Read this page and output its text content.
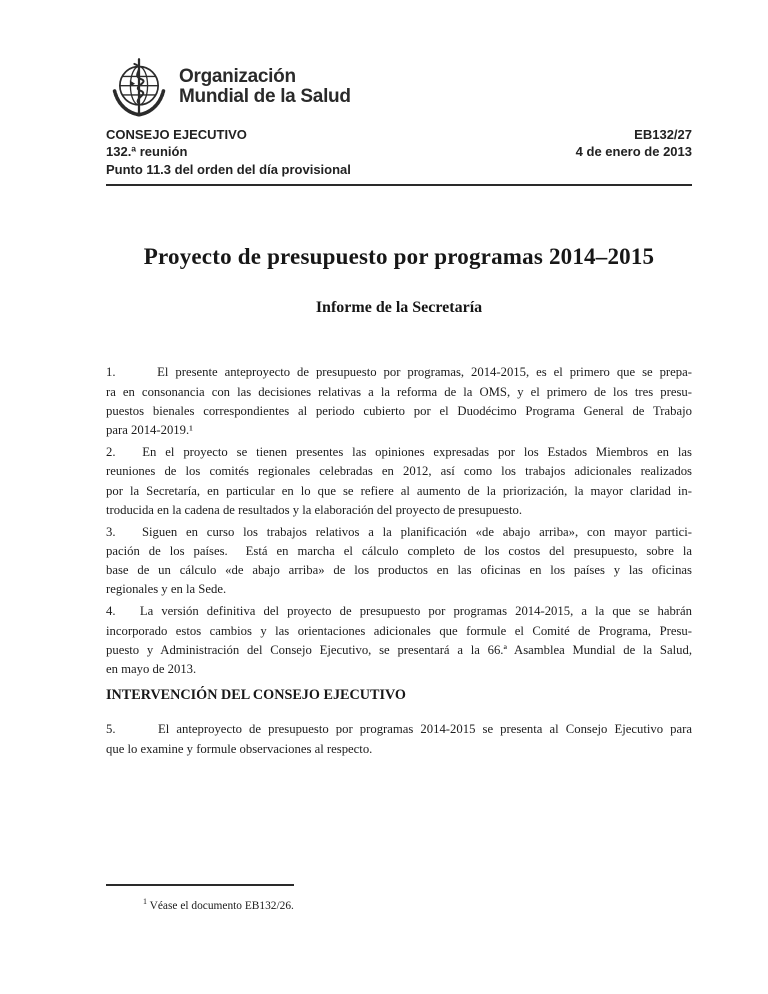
Organización
Mundial de la Salud
CONSEJO EJECUTIVO
132.ª reunión
Punto 11.3 del orden del día provisional
EB132/27
4 de enero de 2013
Proyecto de presupuesto por programas 2014–2015
Informe de la Secretaría
1.      El presente anteproyecto de presupuesto por programas, 2014-2015, es el primero que se prepa-
ra en consonancia con las decisiones relativas a la reforma de la OMS, y el primero de los tres presu-
puestos bienales correspondientes al periodo cubierto por el Duodécimo Programa General de Trabajo
para 2014-2019.¹
2.   En el proyecto se tienen presentes las opiniones expresadas por los Estados Miembros en las
reuniones de los comités regionales celebradas en 2012, así como los trabajos adicionales realizados
por la Secretaría, en particular en lo que se refiere al aumento de la priorización, la mayor claridad in-
troducida en la cadena de resultados y la elaboración del proyecto de presupuesto.
3.   Siguen en curso los trabajos relativos a la planificación «de abajo arriba», con mayor partici-
pación de los países.  Está en marcha el cálculo completo de los costos del presupuesto, sobre la
base de un cálculo «de abajo arriba» de los productos en las oficinas en los países y las oficinas
regionales y en la Sede.
4.   La versión definitiva del proyecto de presupuesto por programas 2014-2015, a la que se habrán
incorporado estos cambios y las orientaciones adicionales que formule el Comité de Programa, Presu-
puesto y Administración del Consejo Ejecutivo, se presentará a la 66.ª Asamblea Mundial de la Salud,
en mayo de 2013.
INTERVENCIÓN DEL CONSEJO EJECUTIVO
5.      El anteproyecto de presupuesto por programas 2014-2015 se presenta al Consejo Ejecutivo para
que lo examine y formule observaciones al respecto.
$^1$ Véase el documento EB132/26.
